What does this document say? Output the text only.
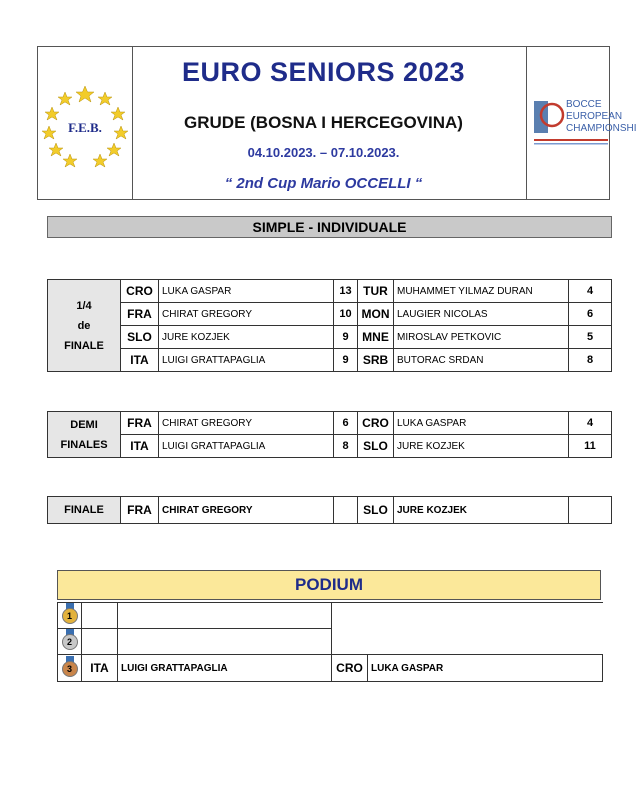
F.E.B.
EURO SENIORS 2023
GRUDE (BOSNA I HERCEGOVINA)
04.10.2023. – 07.10.2023.
“ 2nd Cup Mario OCCELLI “
BOCCE
EUROPEAN
CHAMPIONSHI
SIMPLE - INDIVIDUALE
1/4
de
FINALE	CRO	LUKA GASPAR	13	TUR	MUHAMMET YILMAZ DURAN	4
	FRA	CHIRAT GREGORY	10	MON	LAUGIER NICOLAS	6
	SLO	JURE KOZJEK	9	MNE	MIROSLAV PETKOVIC	5
	ITA	LUIGI GRATTAPAGLIA	9	SRB	BUTORAC SRDAN	8
DEMI
FINALES	FRA	CHIRAT GREGORY	6	CRO	LUKA GASPAR	4
	ITA	LUIGI GRATTAPAGLIA	8	SLO	JURE KOZJEK	11
FINALE	FRA	CHIRAT GREGORY		SLO	JURE KOZJEK	
PODIUM
1				

2				

3	ITA	LUIGI GRATTAPAGLIA	CRO	LUKA GASPAR
